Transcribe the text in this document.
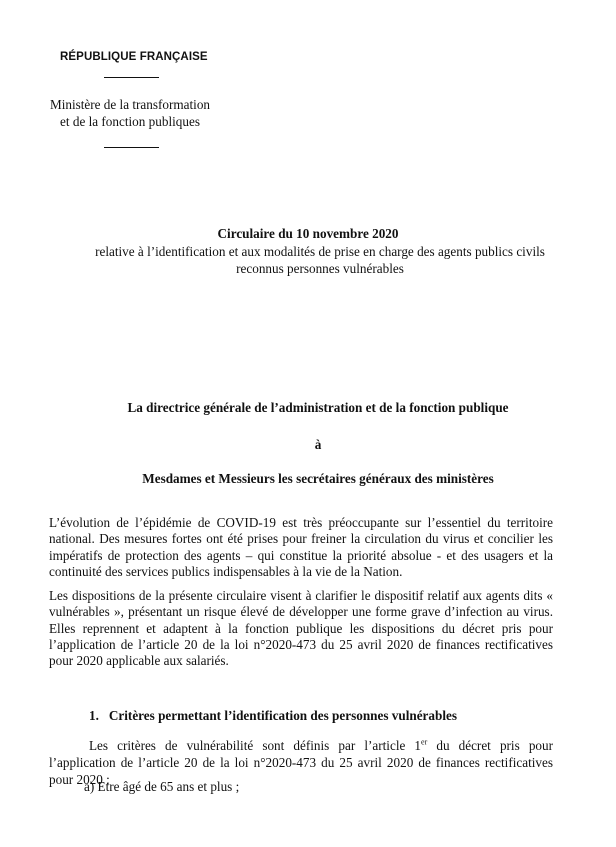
RÉPUBLIQUE FRANÇAISE
Ministère de la transformation
et de la fonction publiques
Circulaire du 10 novembre 2020
relative à l’identification et aux modalités de prise en charge des agents publics civils
reconnus personnes vulnérables
La directrice générale de l’administration et de la fonction publique
à
Mesdames et Messieurs les secrétaires généraux des ministères
L’évolution de l’épidémie de COVID-19 est très préoccupante sur l’essentiel du territoire national. Des mesures fortes ont été prises pour freiner la circulation du virus et concilier les impératifs de protection des agents – qui constitue la priorité absolue - et des usagers et la continuité des services publics indispensables à la vie de la Nation.
Les dispositions de la présente circulaire visent à clarifier le dispositif relatif aux agents dits « vulnérables », présentant un risque élevé de développer une forme grave d’infection au virus. Elles reprennent et adaptent à la fonction publique les dispositions du décret pris pour l’application de l’article 20 de la loi n°2020-473 du 25 avril 2020 de finances rectificatives pour 2020 applicable aux salariés.
1. Critères permettant l’identification des personnes vulnérables
Les critères de vulnérabilité sont définis par l’article 1er du décret pris pour l’application de l’article 20 de la loi n°2020-473 du 25 avril 2020 de finances rectificatives pour 2020 :
a) Etre âgé de 65 ans et plus ;
